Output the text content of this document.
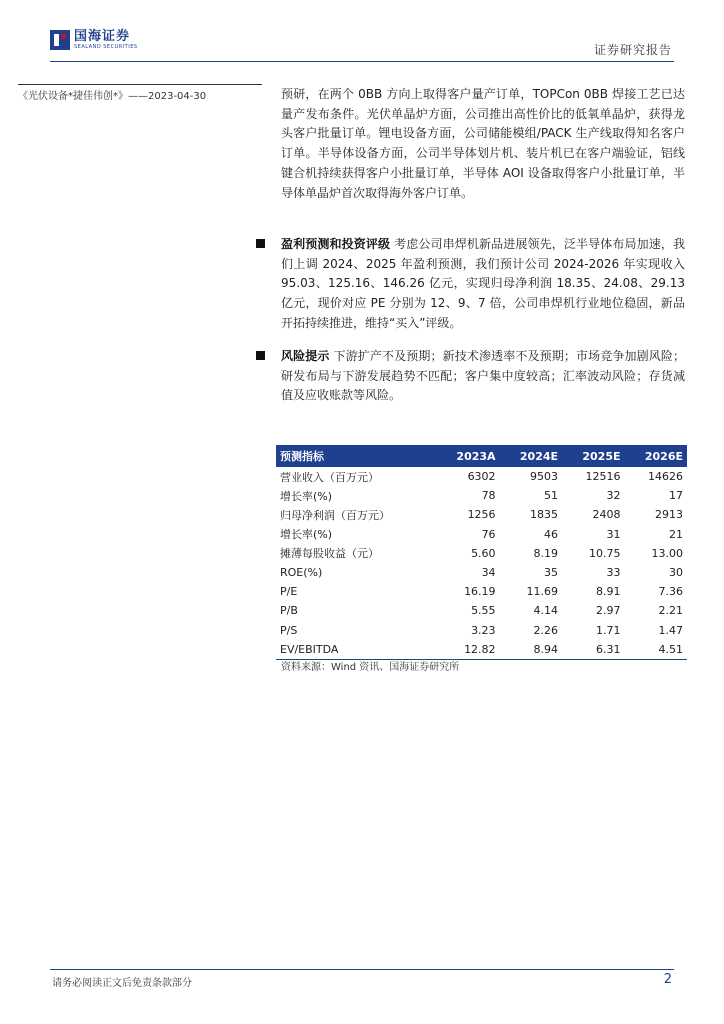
国海证券
SEALAND SECURITIES	证券研究报告
《光伏设备*捷佳伟创*》——2023-04-30	预研，在两个 0BB 方向上取得客户量产订单，TOPCon 0BB 焊接工艺已达量产发布条件。光伏单晶炉方面，公司推出高性价比的低氧单晶炉，获得龙头客户批量订单。锂电设备方面，公司储能模组/PACK 生产线取得知名客户订单。半导体设备方面，公司半导体划片机、装片机已在客户端验证，铝线键合机持续获得客户小批量订单，半导体 AOI 设备取得客户小批量订单，半导体单晶炉首次取得海外客户订单。
盈利预测和投资评级 考虑公司串焊机新品进展领先，泛半导体布局加速，我们上调 2024、2025 年盈利预测，我们预计公司 2024-2026 年实现收入 95.03、125.16、146.26 亿元，实现归母净利润 18.35、24.08、29.13 亿元，现价对应 PE 分别为 12、9、7 倍，公司串焊机行业地位稳固，新品开拓持续推进，维持“买入”评级。
风险提示 下游扩产不及预期；新技术渗透率不及预期；市场竞争加剧风险；研发布局与下游发展趋势不匹配；客户集中度较高；汇率波动风险；存货减值及应收账款等风险。
预测指标	2023A	2024E	2025E	2026E
营业收入（百万元）	6302	9503	12516	14626
增长率(%)	78	51	32	17
归母净利润（百万元）	1256	1835	2408	2913
增长率(%)	76	46	31	21
摊薄每股收益（元）	5.60	8.19	10.75	13.00
ROE(%)	34	35	33	30
P/E	16.19	11.69	8.91	7.36
P/B	5.55	4.14	2.97	2.21
P/S	3.23	2.26	1.71	1.47
EV/EBITDA	12.82	8.94	6.31	4.51
资料来源：Wind 资讯、国海证券研究所
请务必阅读正文后免责条款部分	2
